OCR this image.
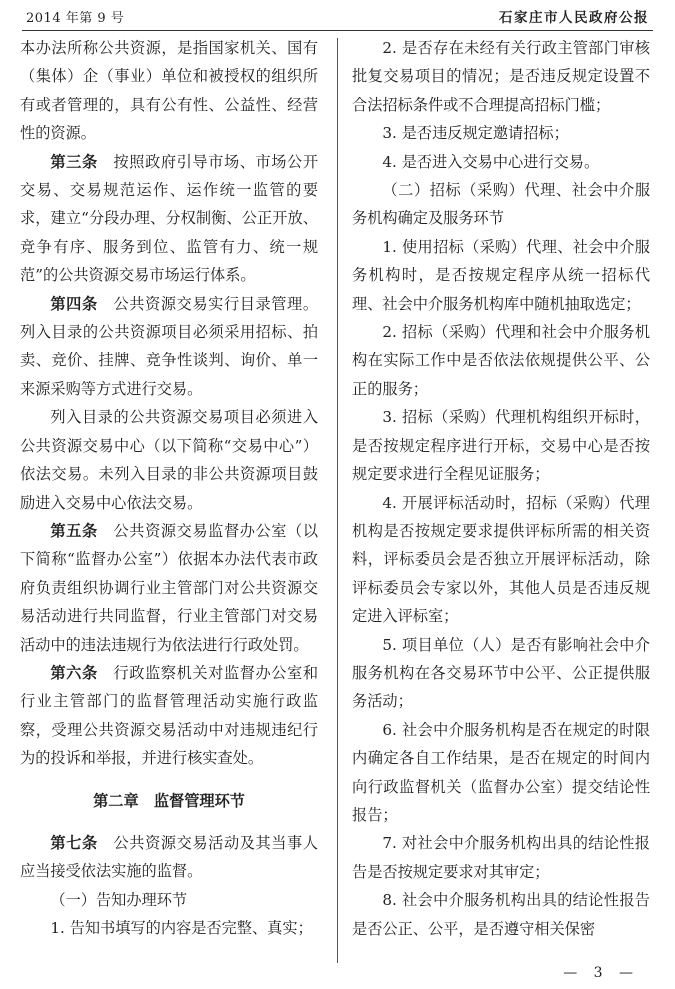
2014 年第 9 号	石家庄市人民政府公报

本办法所称公共资源，是指国家机关、国有（集体）企（事业）单位和被授权的组织所有或者管理的，具有公有性、公益性、经营性的资源。

第三条　 按照政府引导市场、市场公开交易、交易规范运作、运作统一监管的要求，建立“分段办理、分权制衡、公正开放、竞争有序、服务到位、监管有力、统一规范”的公共资源交易市场运行体系。

第四条　 公共资源交易实行目录管理。列入目录的公共资源项目必须采用招标、拍卖、竞价、挂牌、竞争性谈判、询价、单一来源采购等方式进行交易。

列入目录的公共资源交易项目必须进入公共资源交易中心（以下简称“交易中心”）依法交易。未列入目录的非公共资源项目鼓励进入交易中心依法交易。

第五条　 公共资源交易监督办公室（以下简称“监督办公室”）依据本办法代表市政府负责组织协调行业主管部门对公共资源交易活动进行共同监督，行业主管部门对交易活动中的违法违规行为依法进行行政处罚。

第六条　 行政监察机关对监督办公室和行业主管部门的监督管理活动实施行政监察，受理公共资源交易活动中对违规违纪行为的投诉和举报，并进行核实查处。

第二章　监督管理环节

第七条　 公共资源交易活动及其当事人应当接受依法实施的监督。

（一）告知办理环节

1. 告知书填写的内容是否完整、真实；

2. 是否存在未经有关行政主管部门审核批复交易项目的情况；是否违反规定设置不合法招标条件或不合理提高招标门槛；

3. 是否违反规定邀请招标；

4. 是否进入交易中心进行交易。

（二）招标（采购）代理、社会中介服务机构确定及服务环节

1. 使用招标（采购）代理、社会中介服务机构时，是否按规定程序从统一招标代理、社会中介服务机构库中随机抽取选定；

2. 招标（采购）代理和社会中介服务机构在实际工作中是否依法依规提供公平、公正的服务；

3. 招标（采购）代理机构组织开标时，是否按规定程序进行开标，交易中心是否按规定要求进行全程见证服务；

4. 开展评标活动时，招标（采购）代理机构是否按规定要求提供评标所需的相关资料，评标委员会是否独立开展评标活动，除评标委员会专家以外，其他人员是否违反规定进入评标室；

5. 项目单位（人）是否有影响社会中介服务机构在各交易环节中公平、公正提供服务活动；

6. 社会中介服务机构是否在规定的时限内确定各自工作结果，是否在规定的时间内向行政监督机关（监督办公室）提交结论性报告；

7. 对社会中介服务机构出具的结论性报告是否按规定要求对其审定；

8. 社会中介服务机构出具的结论性报告是否公正、公平，是否遵守相关保密

— 3 —
